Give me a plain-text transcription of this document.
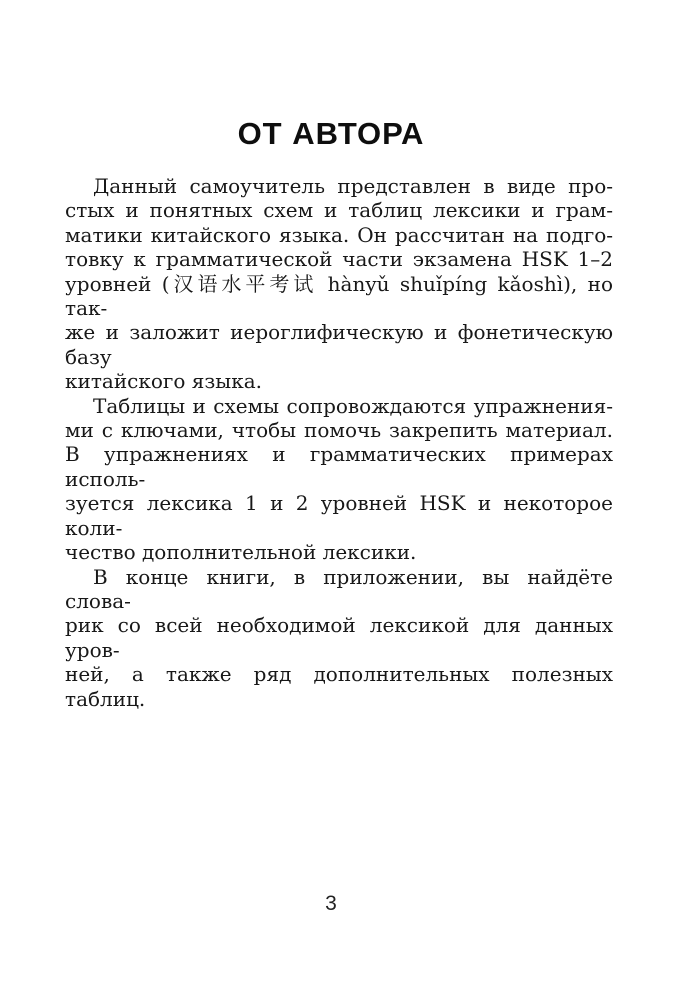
ОТ АВТОРА

Данный самоучитель представлен в виде про-
стых и понятных схем и таблиц лексики и грам-
матики китайского языка. Он рассчитан на подго-
товку к грамматической части экзамена HSK 1–2
уровней (汉语水平考试 hànyǔ shuǐpíng kǎoshì), но так-
же и заложит иероглифическую и фонетическую базу
китайского языка.

Таблицы и схемы сопровождаются упражнения-
ми с ключами, чтобы помочь закрепить материал.
В упражнениях и грамматических примерах исполь-
зуется лексика 1 и 2 уровней HSK и некоторое коли-
чество дополнительной лексики.

В конце книги, в приложении, вы найдёте слова-
рик со всей необходимой лексикой для данных уров-
ней, а также ряд дополнительных полезных таблиц.

3
